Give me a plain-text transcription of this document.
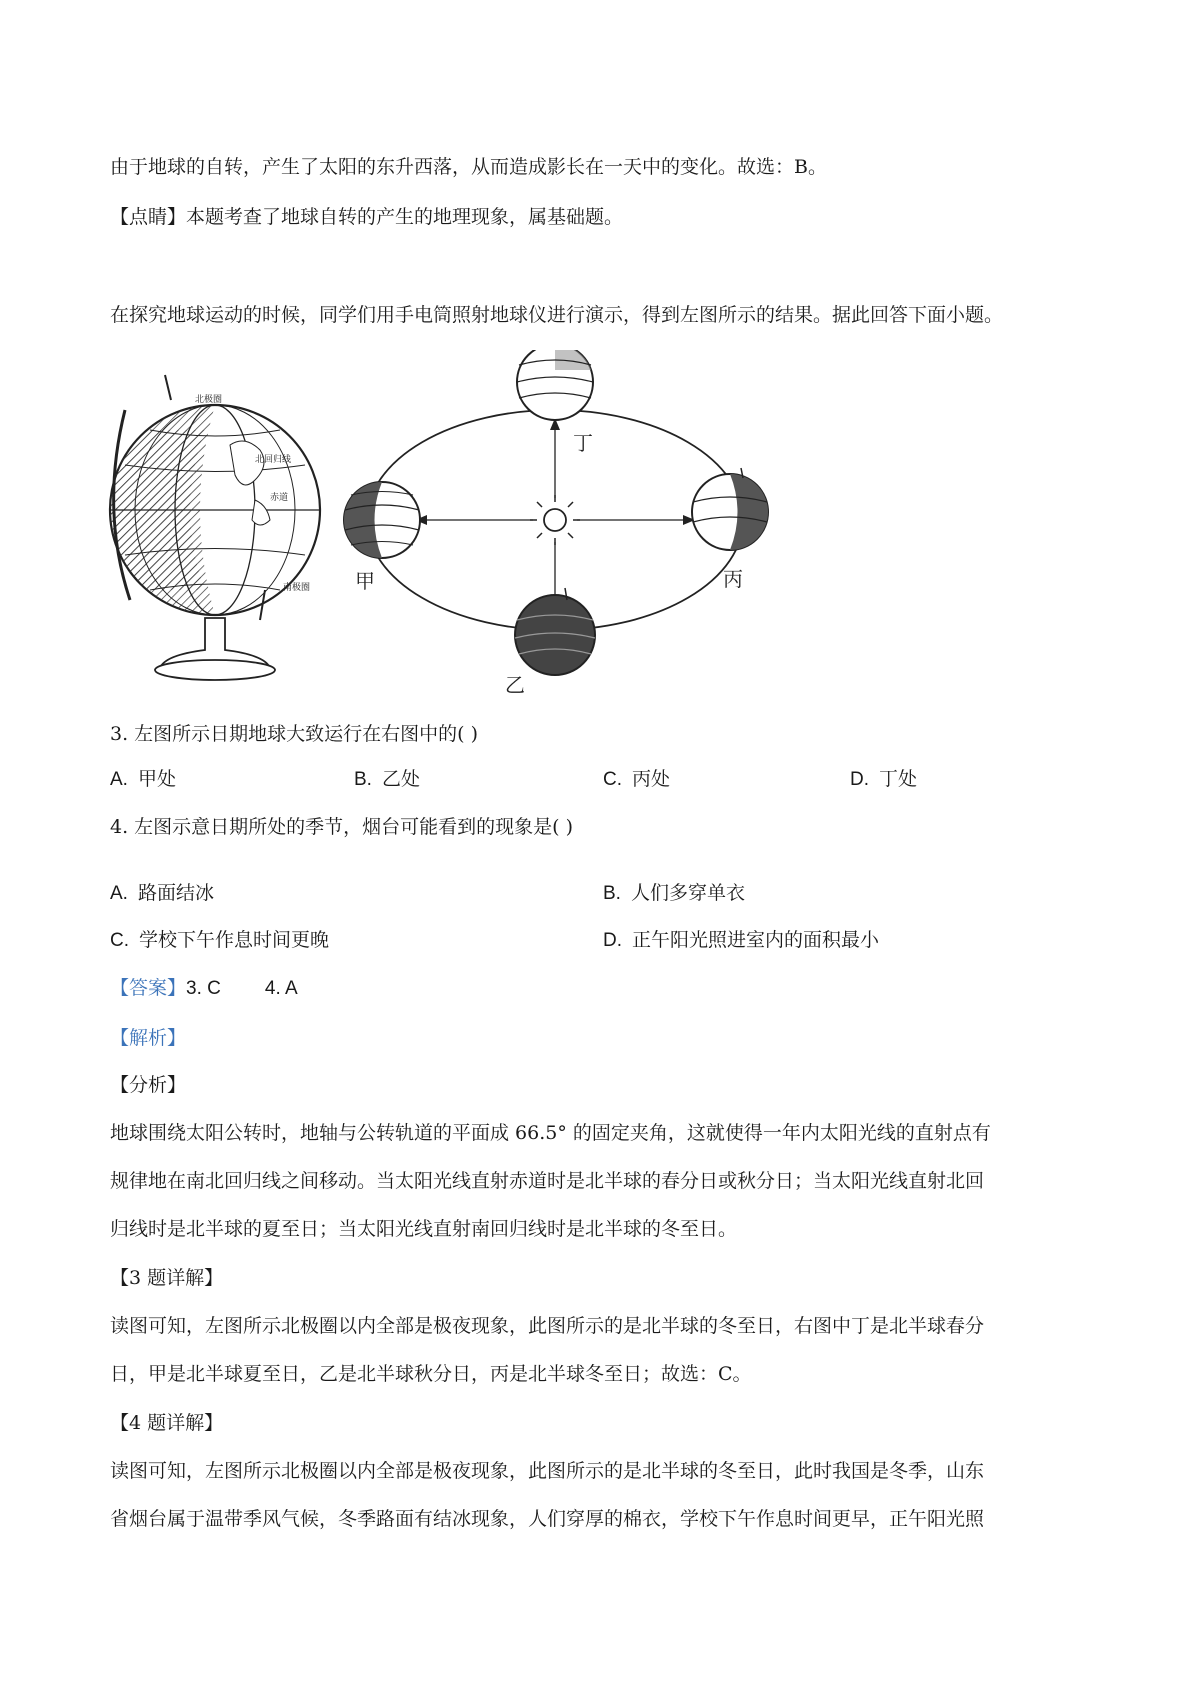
由于地球的自转，产生了太阳的东升西落，从而造成影长在一天中的变化。故选：B。
【点睛】本题考查了地球自转的产生的地理现象，属基础题。
在探究地球运动的时候，同学们用手电筒照射地球仪进行演示，得到左图所示的结果。据此回答下面小题。
北极圈
北回归线
赤道
南极圈 甲
乙
丙
丁
3. 左图所示日期地球大致运行在右图中的( )
A. 甲处	B. 乙处	C. 丙处	D. 丁处
4. 左图示意日期所处的季节，烟台可能看到的现象是( )
A. 路面结冰	B. 人们多穿单衣
C. 学校下午作息时间更晚	D. 正午阳光照进室内的面积最小
【答案】3. C 4. A
【解析】
【分析】
地球围绕太阳公转时，地轴与公转轨道的平面成 66.5° 的固定夹角，这就使得一年内太阳光线的直射点有
规律地在南北回归线之间移动。当太阳光线直射赤道时是北半球的春分日或秋分日；当太阳光线直射北回
归线时是北半球的夏至日；当太阳光线直射南回归线时是北半球的冬至日。
【3 题详解】
读图可知，左图所示北极圈以内全部是极夜现象，此图所示的是北半球的冬至日，右图中丁是北半球春分
日，甲是北半球夏至日，乙是北半球秋分日，丙是北半球冬至日；故选：C。
【4 题详解】
读图可知，左图所示北极圈以内全部是极夜现象，此图所示的是北半球的冬至日，此时我国是冬季，山东
省烟台属于温带季风气候，冬季路面有结冰现象，人们穿厚的棉衣，学校下午作息时间更早，正午阳光照
